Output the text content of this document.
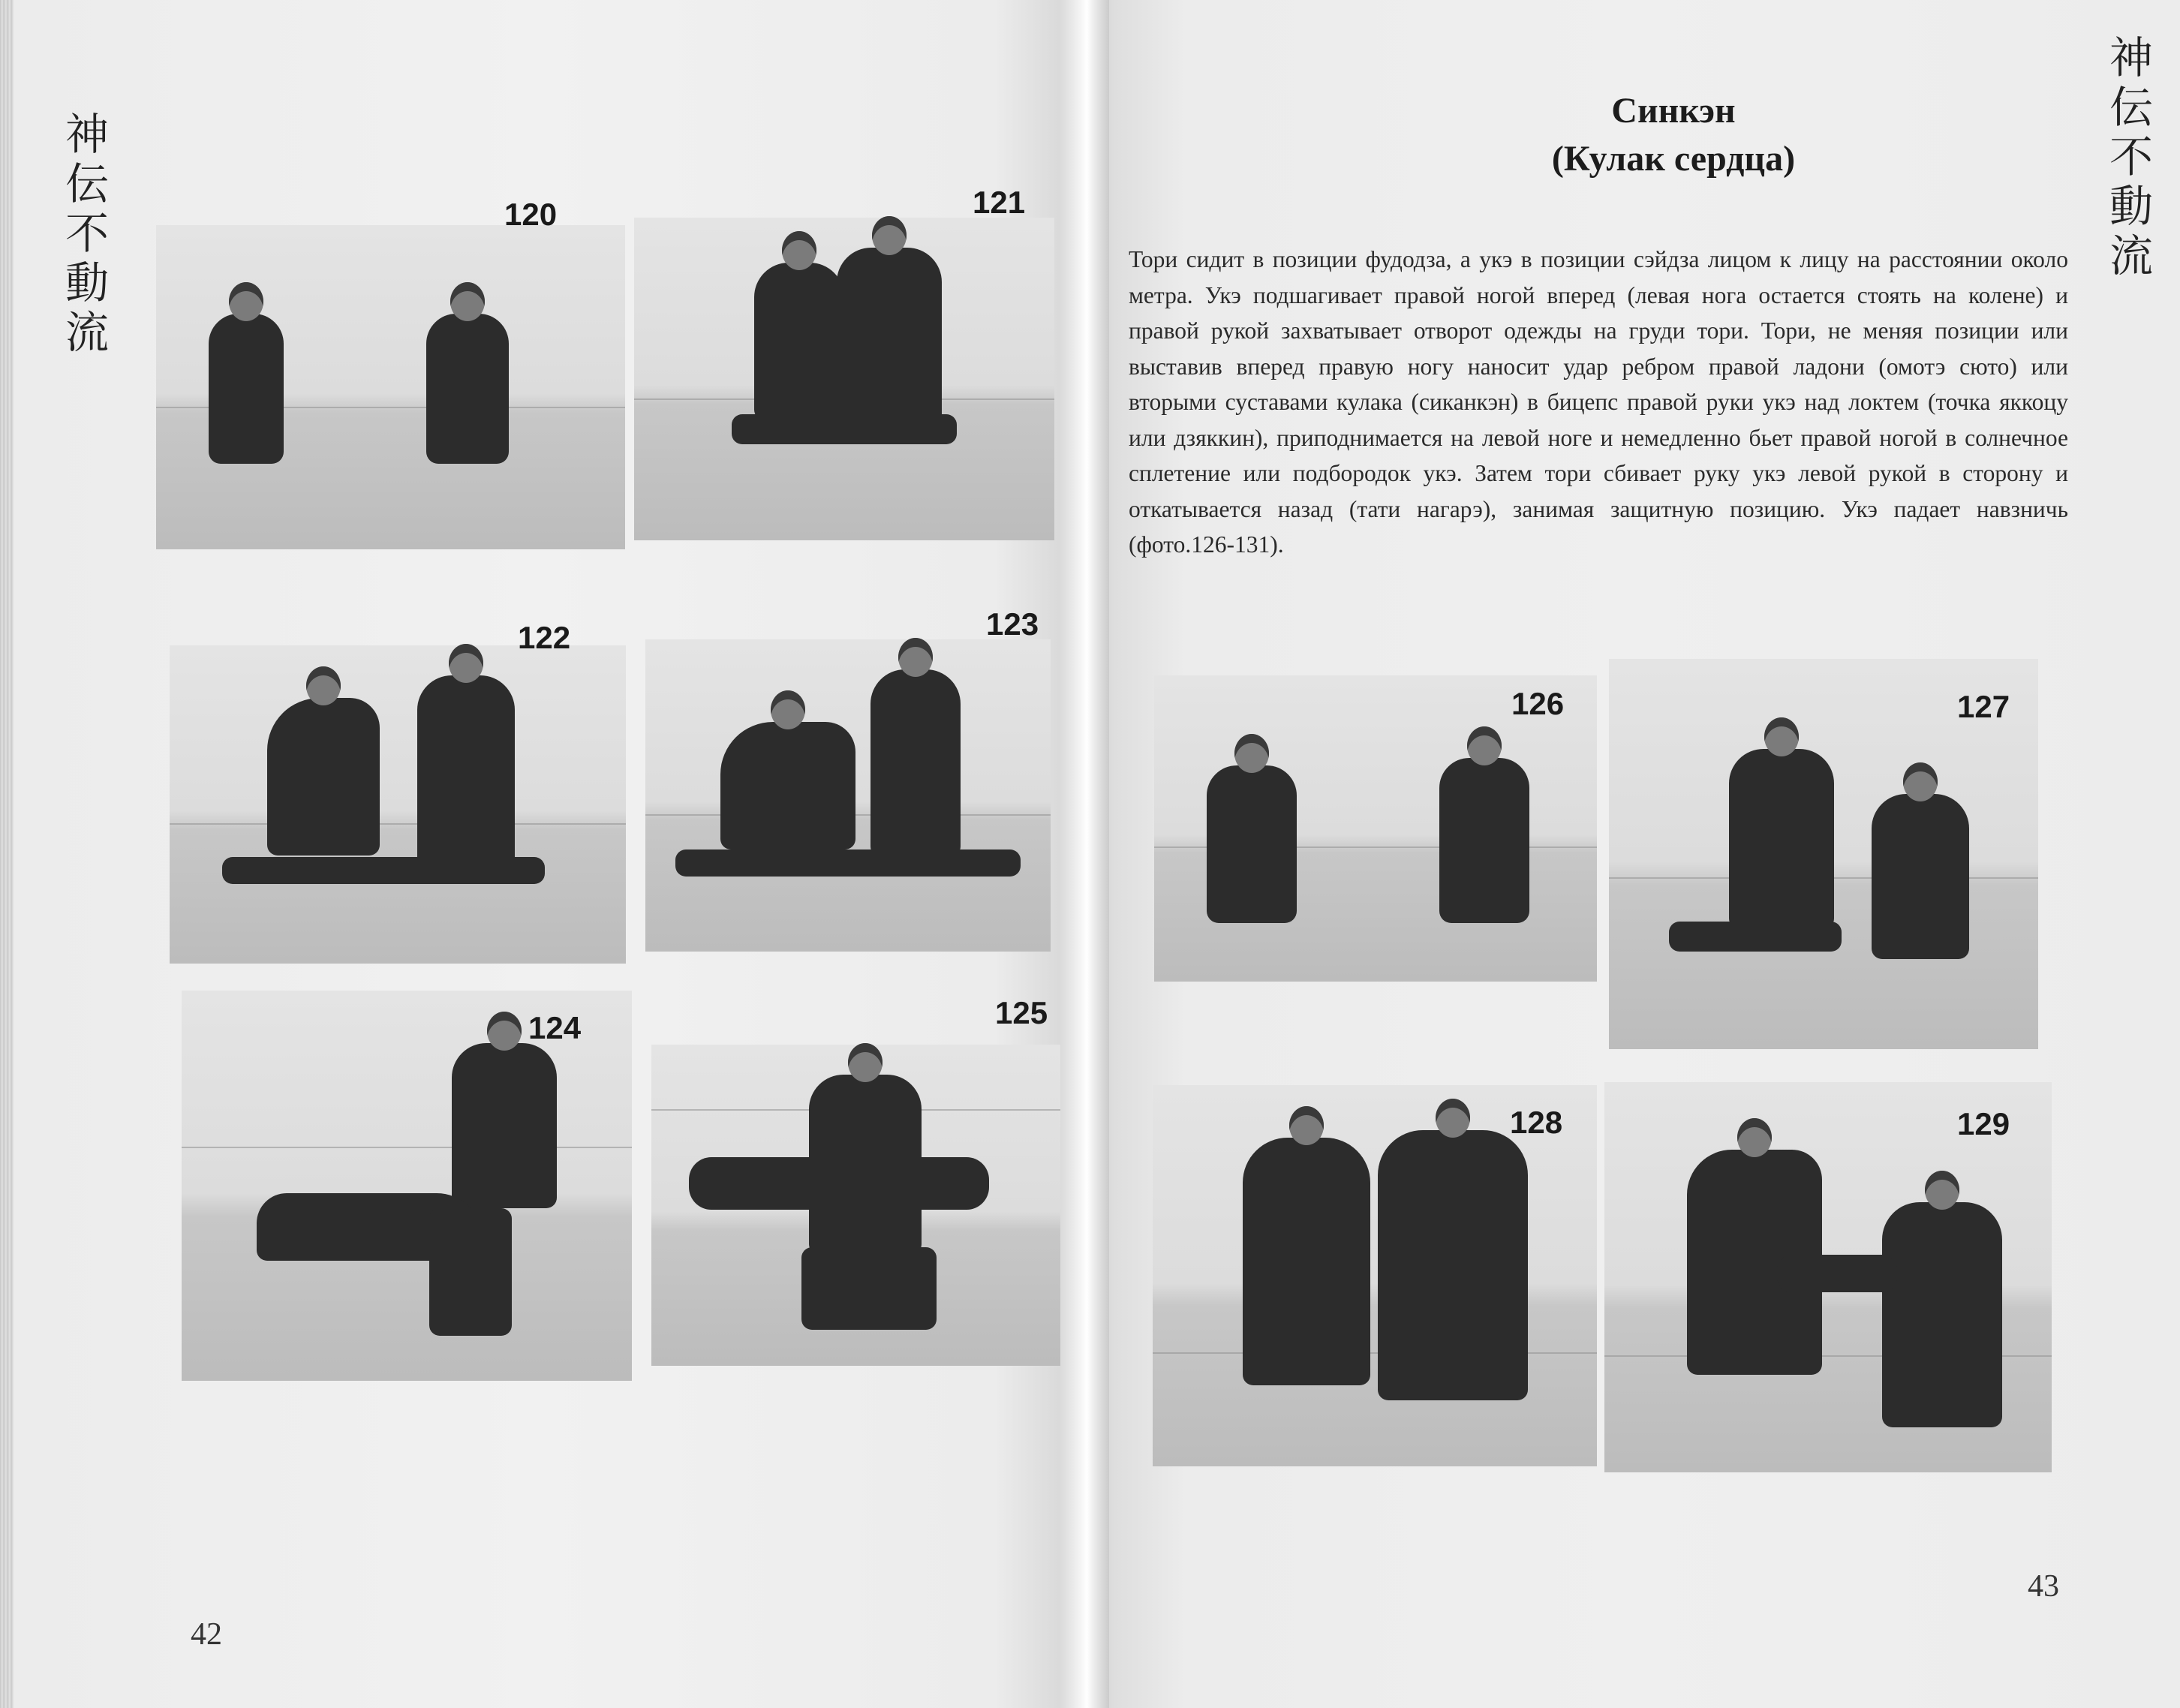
神
伝
不
動
流
120	121
122	123
124	125
42
神
伝
不
動
流
Синкэн
(Кулак сердца)

Тори сидит в позиции фудодза, а укэ в позиции сэйдза лицом к лицу на расстоянии около метра. Укэ подшагивает правой ногой вперед (левая нога остается стоять на колене) и правой рукой захватывает отворот одежды на груди тори. Тори, не меняя позиции или выставив вперед правую ногу наносит удар ребром правой ладони (омотэ сюто) или вторыми суставами кулака (сиканкэн) в бицепс правой руки укэ над локтем (точка яккоцу или дзяккин), приподнимается на левой ноге и немедленно бьет правой ногой в солнечное сплетение или подбородок укэ. Затем тори сбивает руку укэ левой рукой в сторону и откатывается назад (тати нагарэ), занимая защитную позицию. Укэ падает навзничь (фото.126-131).

126	127
128	129
43
